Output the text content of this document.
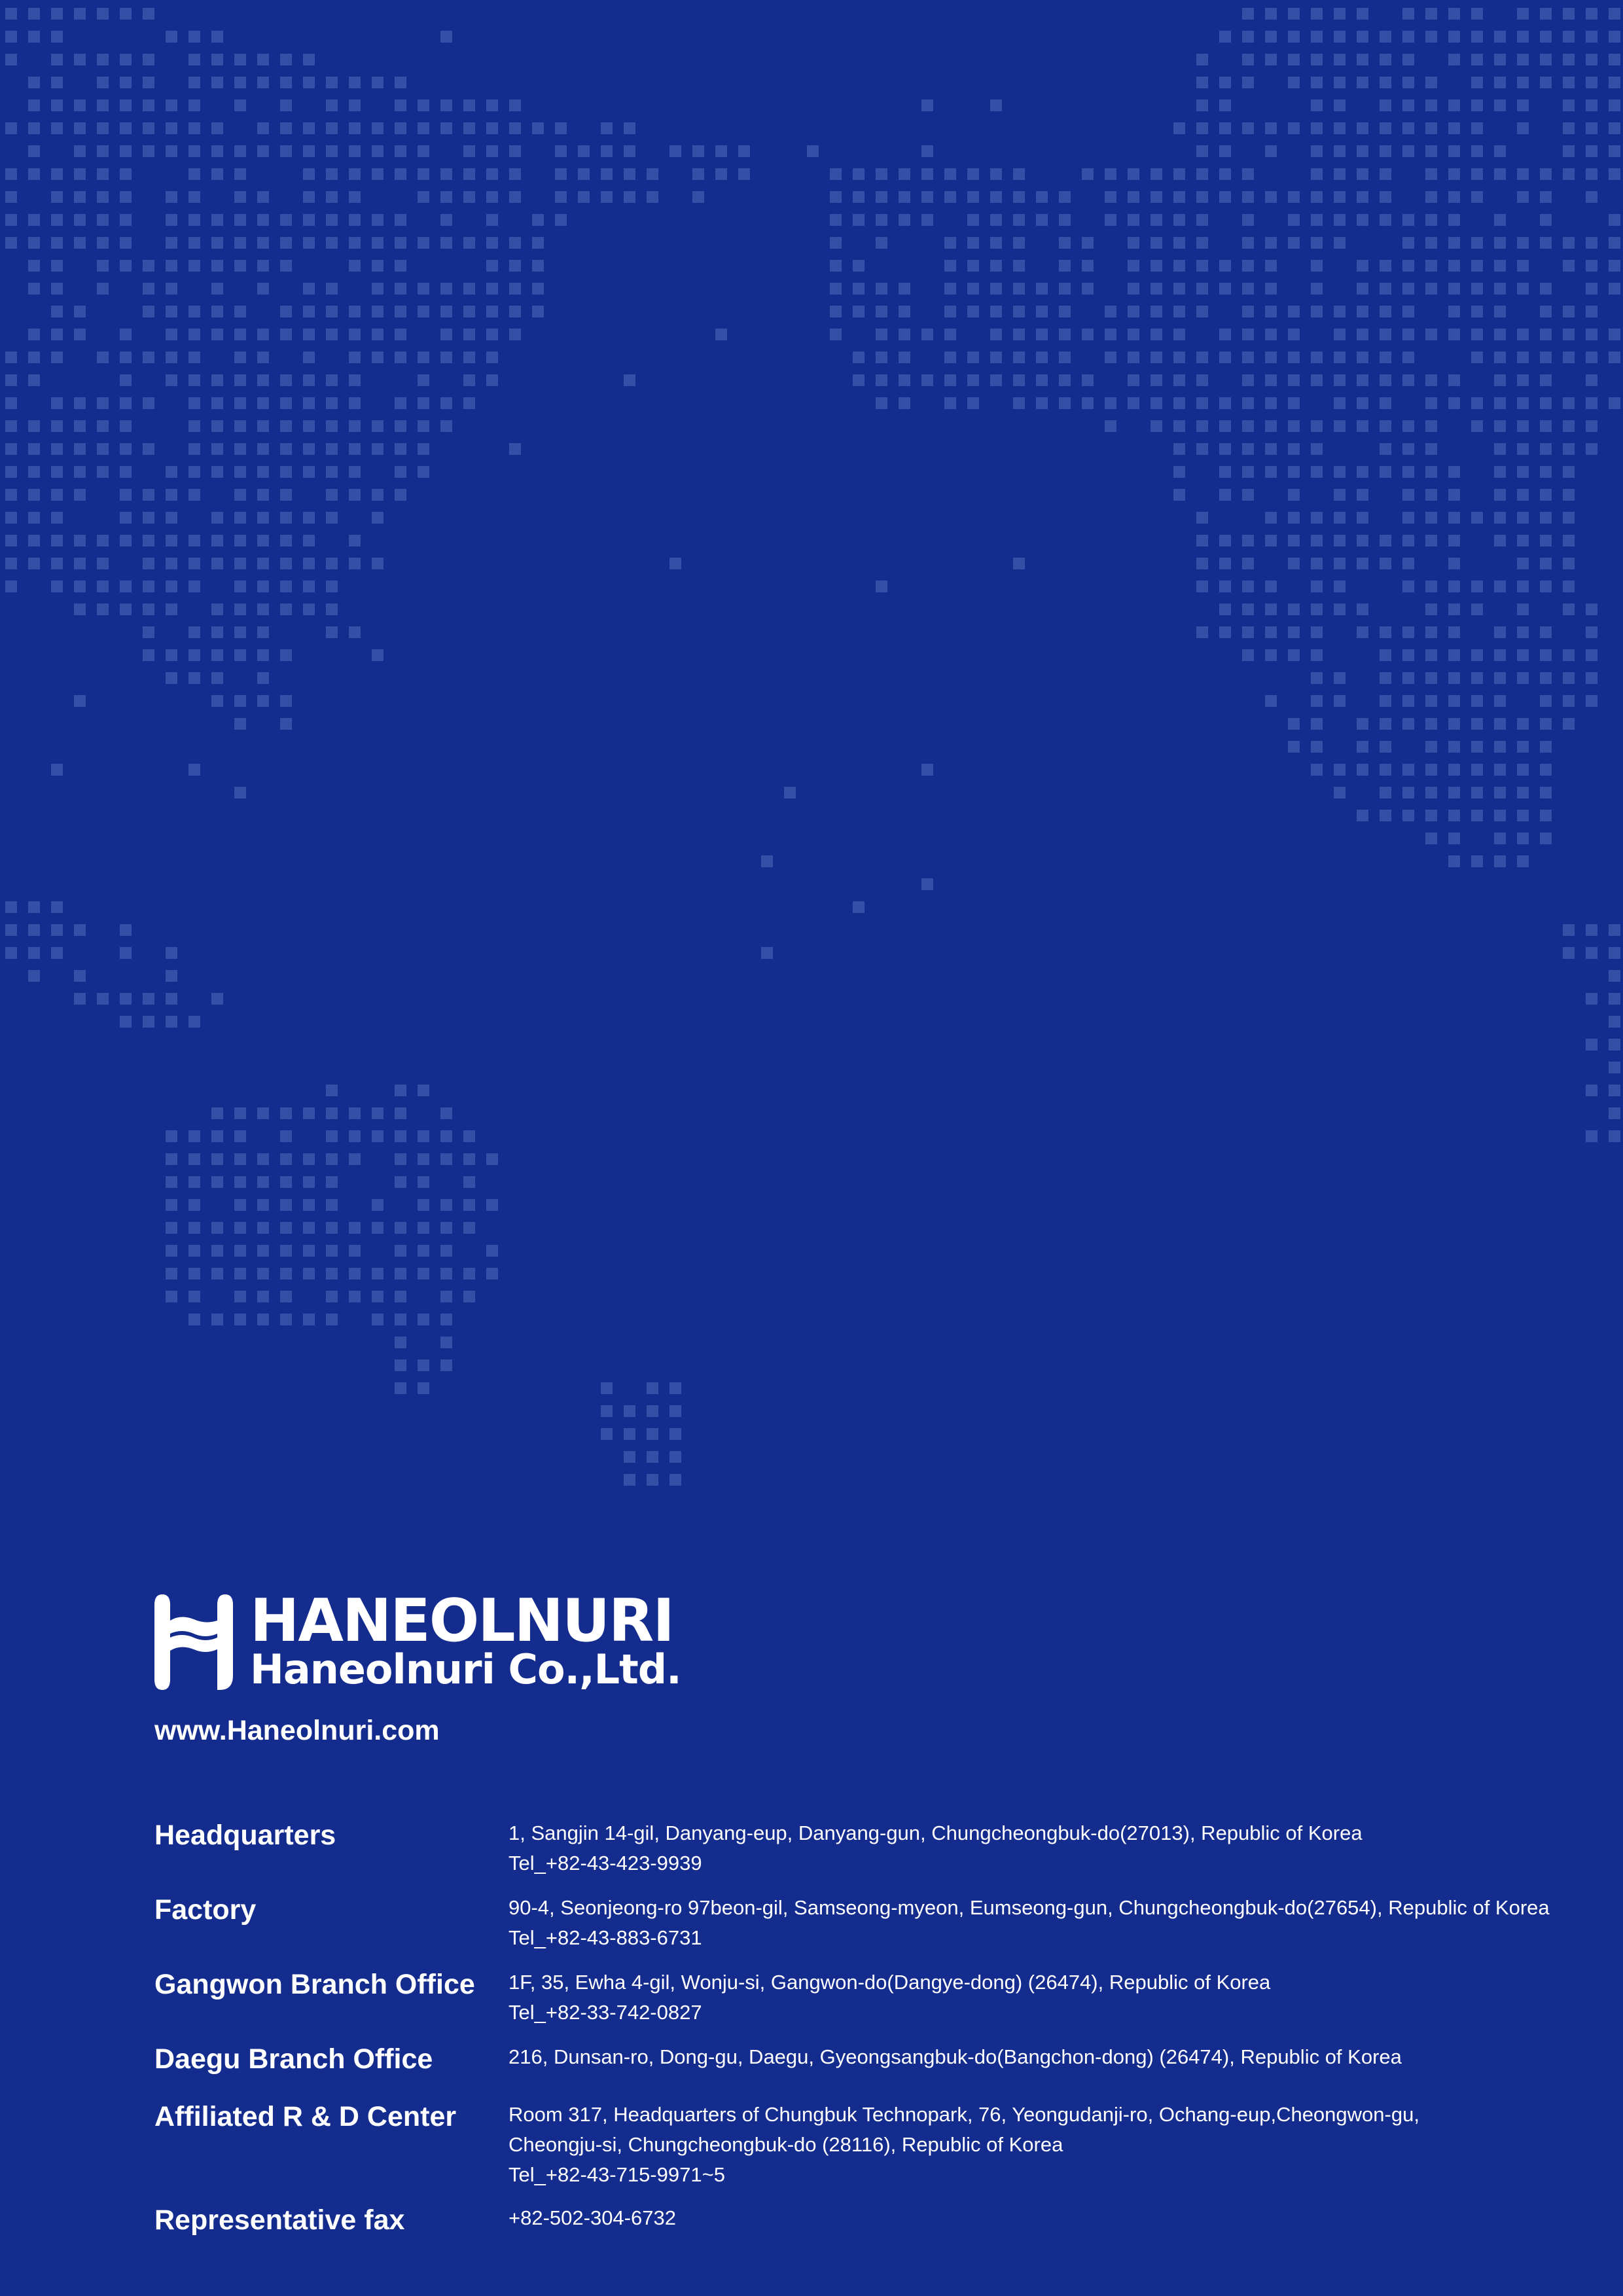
HANEOLNURI
Haneolnuri Co.,Ltd.
www.Haneolnuri.com
Headquarters	1, Sangjin 14-gil, Danyang-eup, Danyang-gun, Chungcheongbuk-do(27013), Republic of Korea
Tel_+82-43-423-9939
Factory	90-4, Seonjeong-ro 97beon-gil, Samseong-myeon, Eumseong-gun, Chungcheongbuk-do(27654), Republic of Korea
Tel_+82-43-883-6731
Gangwon Branch Office	1F, 35, Ewha 4-gil, Wonju-si, Gangwon-do(Dangye-dong) (26474), Republic of Korea
Tel_+82-33-742-0827
Daegu Branch Office	216, Dunsan-ro, Dong-gu, Daegu, Gyeongsangbuk-do(Bangchon-dong) (26474), Republic of Korea
Affiliated R & D Center	Room 317, Headquarters of Chungbuk Technopark, 76, Yeongudanji-ro, Ochang-eup,Cheongwon-gu,
Cheongju-si, Chungcheongbuk-do (28116), Republic of Korea
Tel_+82-43-715-9971~5
Representative fax	+82-502-304-6732
